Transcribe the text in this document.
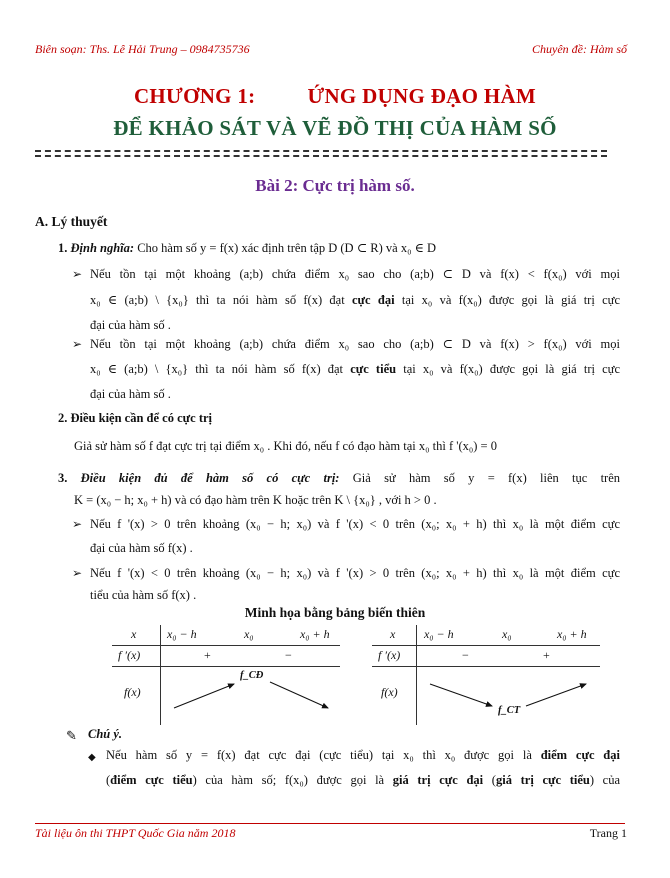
Biên soạn: Ths. Lê Hải Trung – 0984735736	Chuyên đề: Hàm số
CHƯƠNG 1: ỨNG DỤNG ĐẠO HÀM
ĐỂ KHẢO SÁT VÀ VẼ ĐỒ THỊ CỦA HÀM SỐ
Bài 2: Cực trị hàm số.
A. Lý thuyết
1. Định nghĩa: Cho hàm số y = f(x) xác định trên tập D (D ⊂ R) và x₀ ∈ D
➢ Nếu tồn tại một khoảng (a;b) chứa điểm x₀ sao cho (a;b) ⊂ D và f(x) < f(x₀) với mọi
x₀ ∈ (a;b) \ {x₀} thì ta nói hàm số f(x) đạt cực đại tại x₀ và f(x₀) được gọi là giá trị cực
đại của hàm số .
➢ Nếu tồn tại một khoảng (a;b) chứa điểm x₀ sao cho (a;b) ⊂ D và f(x) > f(x₀) với mọi
x₀ ∈ (a;b) \ {x₀} thì ta nói hàm số f(x) đạt cực tiểu tại x₀ và f(x₀) được gọi là giá trị cực
đại của hàm số .
2. Điều kiện cần để có cực trị
Giả sử hàm số f đạt cực trị tại điểm x₀ . Khi đó, nếu f có đạo hàm tại x₀ thì f '(x₀) = 0
3. Điều kiện đủ để hàm số có cực trị: Giả sử hàm số y = f(x) liên tục trên
K = (x₀ − h; x₀ + h) và có đạo hàm trên K hoặc trên K \ {x₀} , với h > 0 .
➢ Nếu f '(x) > 0 trên khoảng (x₀ − h; x₀) và f '(x) < 0 trên (x₀; x₀ + h) thì x₀ là một điểm cực
đại của hàm số f(x) .
➢ Nếu f '(x) < 0 trên khoảng (x₀ − h; x₀) và f '(x) > 0 trên (x₀; x₀ + h) thì x₀ là một điểm cực
tiểu của hàm số f(x) .
Minh họa bằng bảng biến thiên
x	x₀ − h	x₀	x₀ + h
f ′(x)	+	−
f(x)
f_CĐ
x x₀ − h	x₀	x₀ + h
f ′(x)	−	+
f(x)
f_CT
✎ Chú ý.
◆ Nếu hàm số y = f(x) đạt cực đại (cực tiểu) tại x₀ thì x₀ được gọi là điểm cực đại
(điểm cực tiểu) của hàm số; f(x₀) được gọi là giá trị cực đại (giá trị cực tiểu) của
Tài liệu ôn thi THPT Quốc Gia năm 2018	Trang 1
